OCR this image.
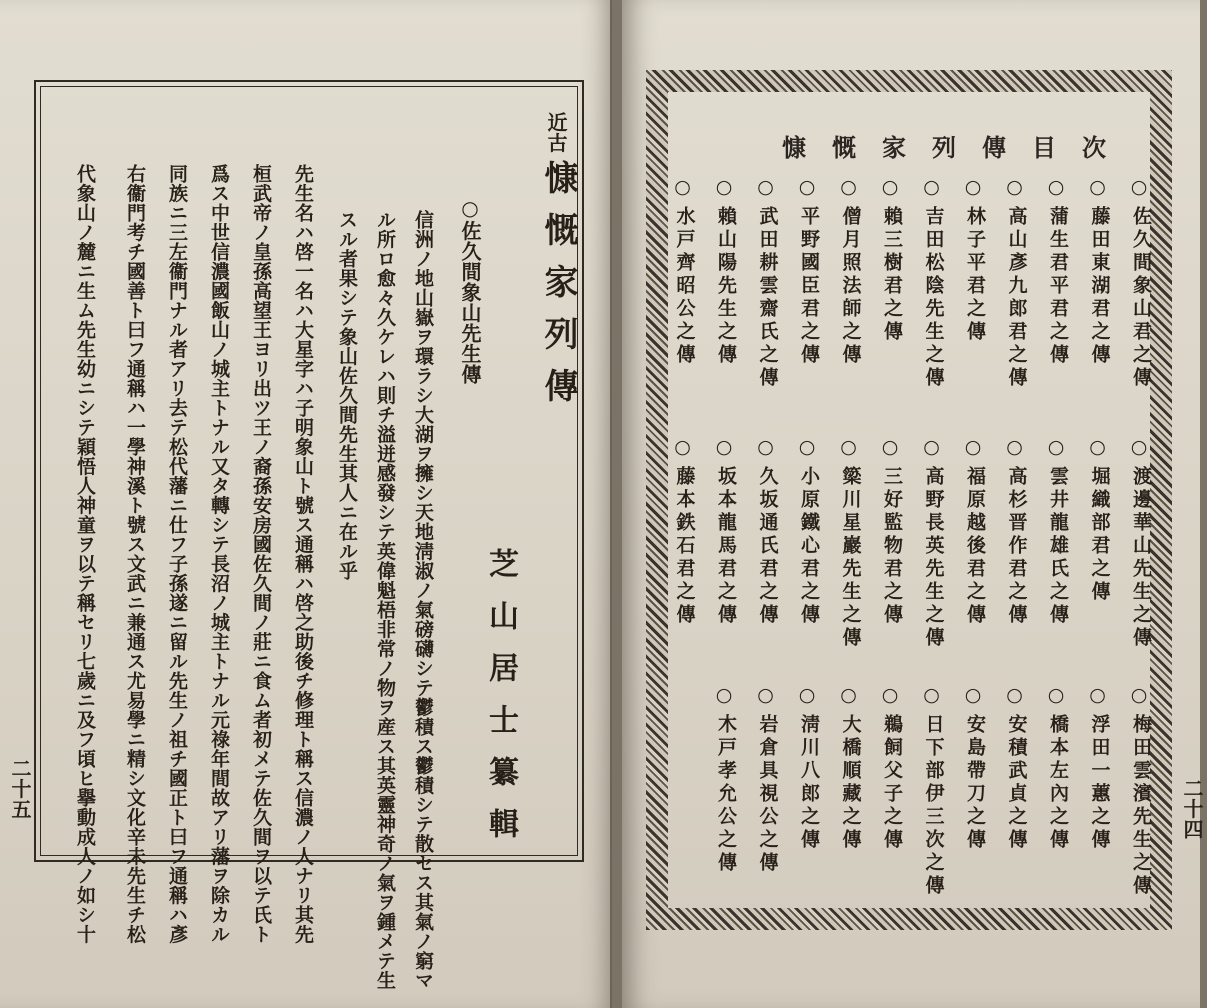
近古
慷慨家列傳
○佐久間象山先生傳
芝山居士纂輯
信洲ノ地山嶽ヲ環ラシ大湖ヲ擁シ天地淸淑ノ氣磅礴シテ鬱積ス鬱積シテ散セス其氣ノ窮マ
ル所ロ愈々久ケレハ則チ溢迸感發シテ英偉魁梧非常ノ物ヲ産ス其英靈神奇ノ氣ヲ鍾メテ生
スル者果シテ象山佐久間先生其人ニ在ル乎
先生名ハ啓一名ハ大星字ハ子明象山ト號ス通稱ハ啓之助後チ修理ト稱ス信濃ノ人ナリ其先
桓武帝ノ皇孫高望王ヨリ出ツ王ノ裔孫安房國佐久間ノ莊ニ食ム者初メテ佐久間ヲ以テ氏ト
爲ス中世信濃國飯山ノ城主トナル又タ轉シテ長沼ノ城主トナル元祿年間故アリ藩ヲ除カル
同族ニ三左衞門ナル者アリ去テ松代藩ニ仕フ子孫遂ニ留ル先生ノ祖チ國正ト曰フ通稱ハ彥
右衞門考チ國善ト曰フ通稱ハ一學神溪ト號ス文武ニ兼通ス尤易學ニ精シ文化辛未先生チ松
代象山ノ麓ニ生ム先生幼ニシテ穎悟人神童ヲ以テ稱セリ七歲ニ及フ頃ヒ擧動成人ノ如シ十
二十五
慷慨家列傳目次
○
佐久間象山君之傳
○
渡邊華山先生之傳
○
梅田雲濱先生之傳
○
藤田東湖君之傳
○
堀織部君之傳
○
浮田一蕙之傳
○
蒲生君平君之傳
○
雲井龍雄氏之傳
○
橋本左內之傳
○
高山彥九郎君之傳
○
高杉晋作君之傳
○
安積武貞之傳
○
林子平君之傳
○
福原越後君之傳
○
安島帶刀之傳
○
吉田松陰先生之傳
○
高野長英先生之傳
○
日下部伊三次之傳
○
賴三樹君之傳
○
三好監物君之傳
○
鵜飼父子之傳
○
僧月照法師之傳
○
簗川星巖先生之傳
○
大橋順藏之傳
○
平野國臣君之傳
○
小原鐵心君之傳
○
淸川八郎之傳
○
武田耕雲齋氏之傳
○
久坂通氏君之傳
○
岩倉具視公之傳
○
賴山陽先生之傳
○
坂本龍馬君之傳
○
木戸孝允公之傳
○
水戸齊昭公之傳
○
藤本鉄石君之傳
二十四
